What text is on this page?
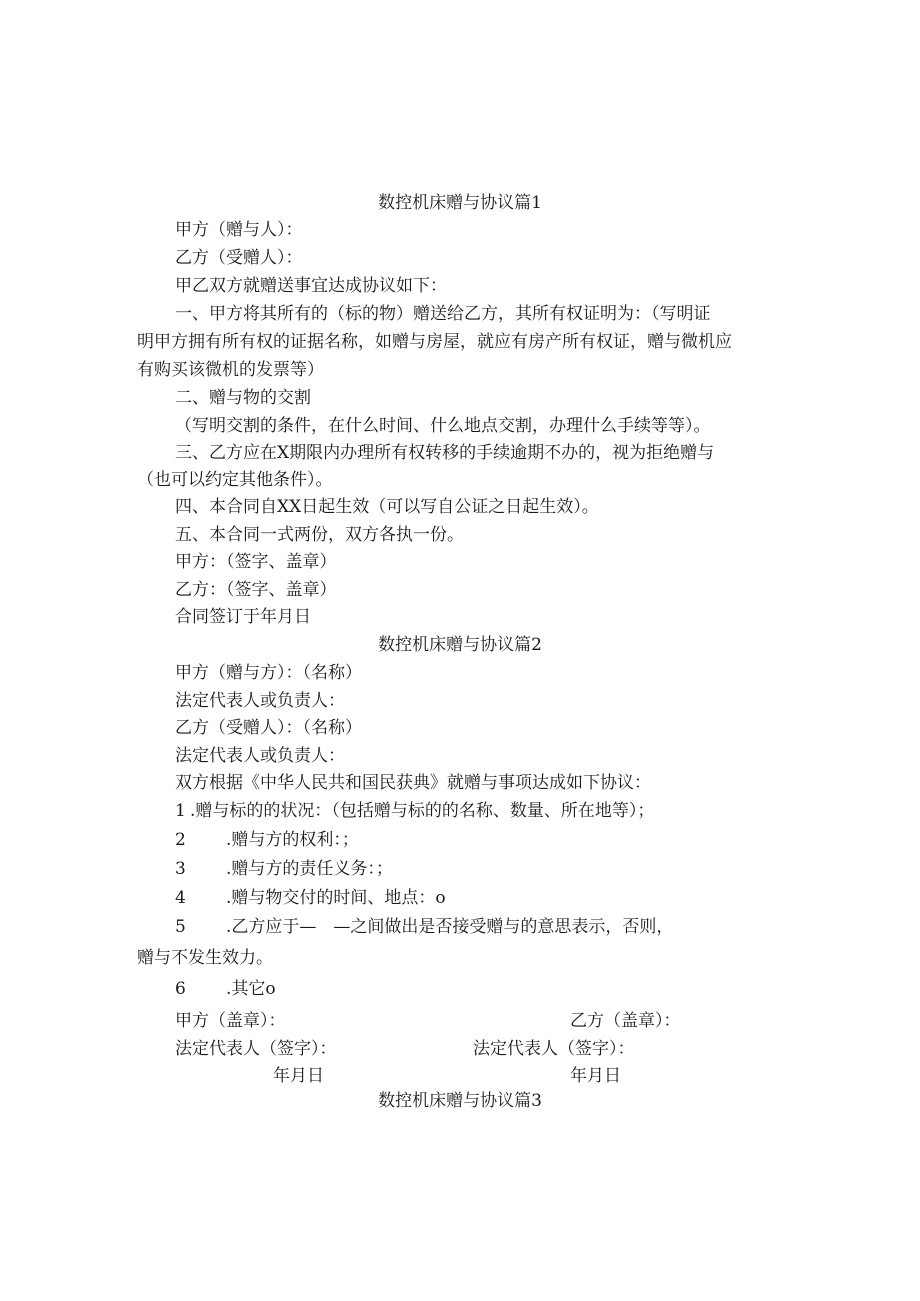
数控机床赠与协议篇1
甲方（赠与人）：
乙方（受赠人）：
甲乙双方就赠送事宜达成协议如下：
一、甲方将其所有的（标的物）赠送给乙方，其所有权证明为：（写明证
明甲方拥有所有权的证据名称，如赠与房屋，就应有房产所有权证，赠与微机应
有购买该微机的发票等）
二、赠与物的交割
（写明交割的条件，在什么时间、什么地点交割，办理什么手续等等）。
三、乙方应在X期限内办理所有权转移的手续逾期不办的，视为拒绝赠与
（也可以约定其他条件）。
四、本合同自XX日起生效（可以写自公证之日起生效）。
五、本合同一式两份，双方各执一份。
甲方：（签字、盖章）
乙方：（签字、盖章）
合同签订于年月日
数控机床赠与协议篇2
甲方（赠与方）：（名称）
法定代表人或负责人：
乙方（受赠人）：（名称）
法定代表人或负责人：
双方根据《中华人民共和国民获典》就赠与事项达成如下协议：
1 .赠与标的的状况：（包括赠与标的的名称、数量、所在地等）；
2 .赠与方的权利：；
3 .赠与方的责任义务：；
4 .赠与物交付的时间、地点：o
5 .乙方应于—　—之间做出是否接受赠与的意思表示，否则，
赠与不发生效力。
6 .其它o
甲方（盖章）：	乙方（盖章）：
法定代表人（签字）：	法定代表人（签字）：
年月日	年月日
数控机床赠与协议篇3
